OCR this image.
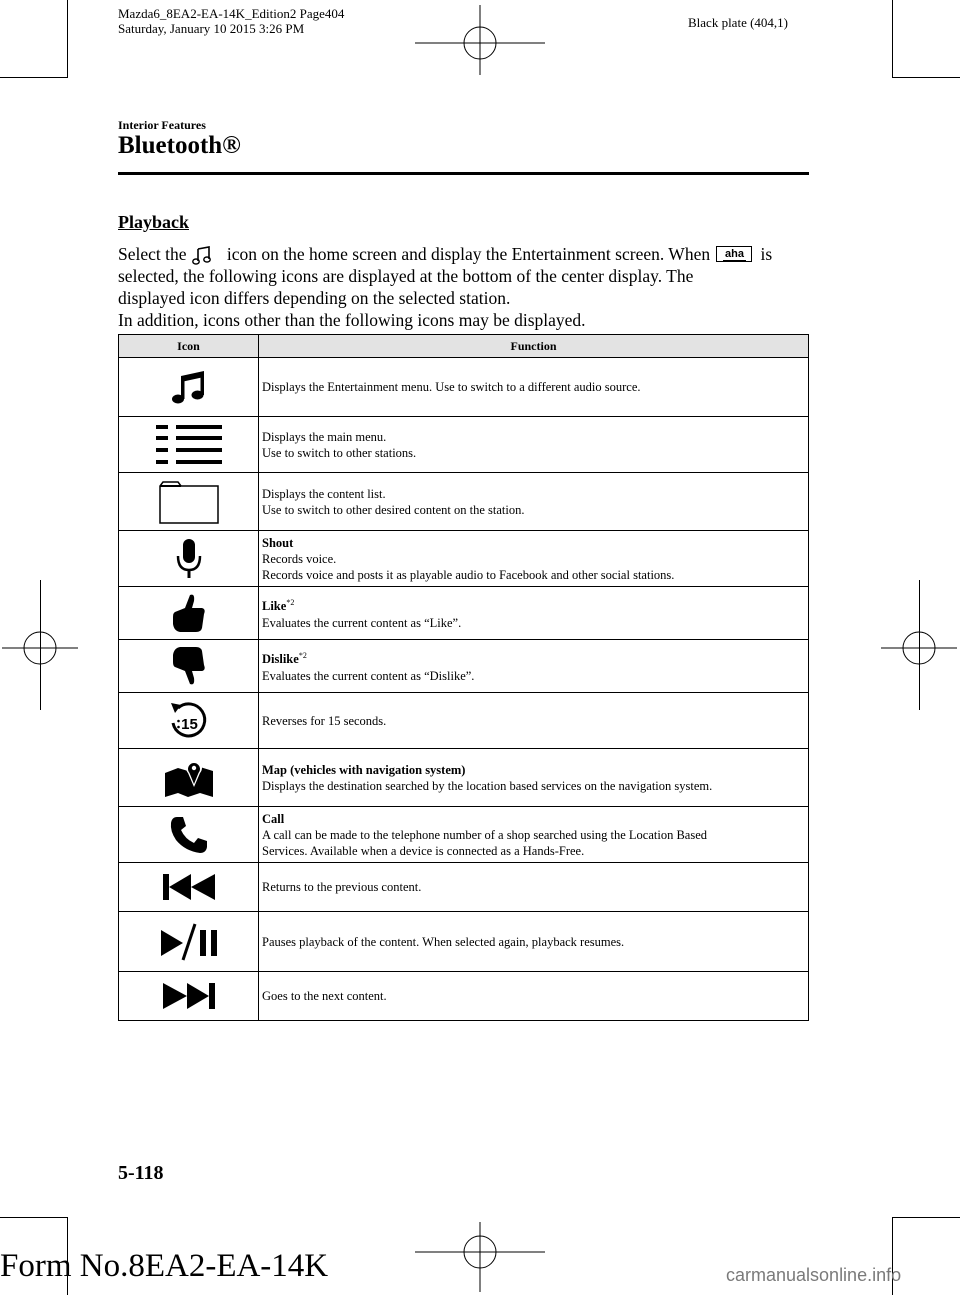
Mazda6_8EA2-EA-14K_Edition2 Page404
Saturday, January 10 2015 3:26 PM	Black plate (404,1)
Interior Features
Bluetooth®
Playback
Select the icon on the home screen and display the Entertainment screen. When aha is
selected, the following icons are displayed at the bottom of the center display. The
displayed icon differs depending on the selected station.
In addition, icons other than the following icons may be displayed.
Icon	Function

Displays the Entertainment menu. Use to switch to a different audio source.

Displays the main menu.
Use to switch to other stations.

Displays the content list.
Use to switch to other desired content on the station.

Shout
Records voice.
Records voice and posts it as playable audio to Facebook and other social stations.

Like$^{*2}$
Evaluates the current content as “Like”.

Dislike$^{*2}$
Evaluates the current content as “Dislike”.

15	Reverses for 15 seconds.

Map (vehicles with navigation system)
Displays the destination searched by the location based services on the navigation system.

Call
A call can be made to the telephone number of a shop searched using the Location Based
Services. Available when a device is connected as a Hands-Free.

Returns to the previous content.

Pauses playback of the content. When selected again, playback resumes.

Goes to the next content.
5-118
Form No.8EA2-EA-14K	carmanualsonline.info
